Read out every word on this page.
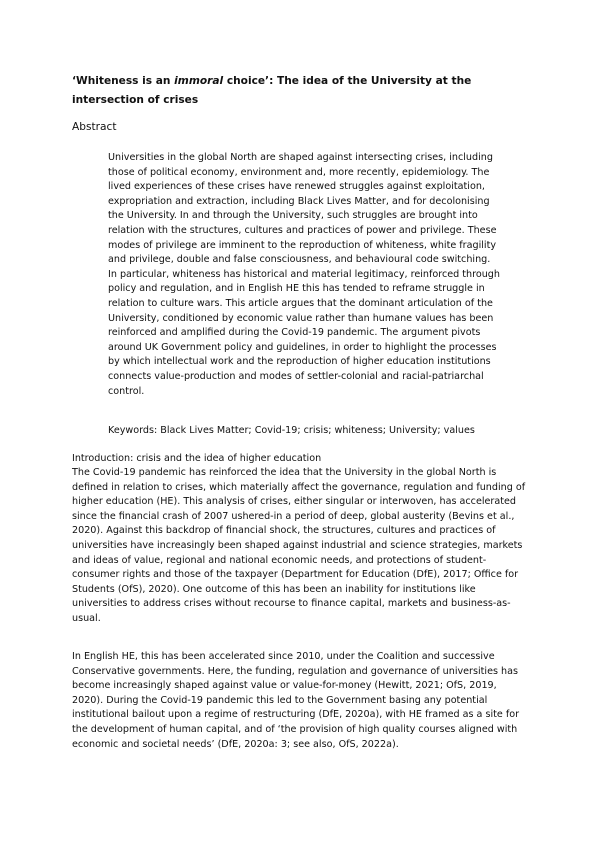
‘Whiteness is an immoral choice’: The idea of the University at the intersection of crises
Abstract

Universities in the global North are shaped against intersecting crises, including those of political economy, environment and, more recently, epidemiology. The lived experiences of these crises have renewed struggles against exploitation, expropriation and extraction, including Black Lives Matter, and for decolonising the University. In and through the University, such struggles are brought into relation with the structures, cultures and practices of power and privilege. These modes of privilege are imminent to the reproduction of whiteness, white fragility and privilege, double and false consciousness, and behavioural code switching. In particular, whiteness has historical and material legitimacy, reinforced through policy and regulation, and in English HE this has tended to reframe struggle in relation to culture wars. This article argues that the dominant articulation of the University, conditioned by economic value rather than humane values has been reinforced and amplified during the Covid-19 pandemic. The argument pivots around UK Government policy and guidelines, in order to highlight the processes by which intellectual work and the reproduction of higher education institutions connects value-production and modes of settler-colonial and racial-patriarchal control.

Keywords: Black Lives Matter; Covid-19; crisis; whiteness; University; values
Introduction: crisis and the idea of higher education

The Covid-19 pandemic has reinforced the idea that the University in the global North is defined in relation to crises, which materially affect the governance, regulation and funding of higher education (HE). This analysis of crises, either singular or interwoven, has accelerated since the financial crash of 2007 ushered-in a period of deep, global austerity (Bevins et al., 2020). Against this backdrop of financial shock, the structures, cultures and practices of universities have increasingly been shaped against industrial and science strategies, markets and ideas of value, regional and national economic needs, and protections of student-consumer rights and those of the taxpayer (Department for Education (DfE), 2017; Office for Students (OfS), 2020). One outcome of this has been an inability for institutions like universities to address crises without recourse to finance capital, markets and business-as-usual.

In English HE, this has been accelerated since 2010, under the Coalition and successive Conservative governments. Here, the funding, regulation and governance of universities has become increasingly shaped against value or value-for-money (Hewitt, 2021; OfS, 2019, 2020). During the Covid-19 pandemic this led to the Government basing any potential institutional bailout upon a regime of restructuring (DfE, 2020a), with HE framed as a site for the development of human capital, and of ‘the provision of high quality courses aligned with economic and societal needs’ (DfE, 2020a: 3; see also, OfS, 2022a).
